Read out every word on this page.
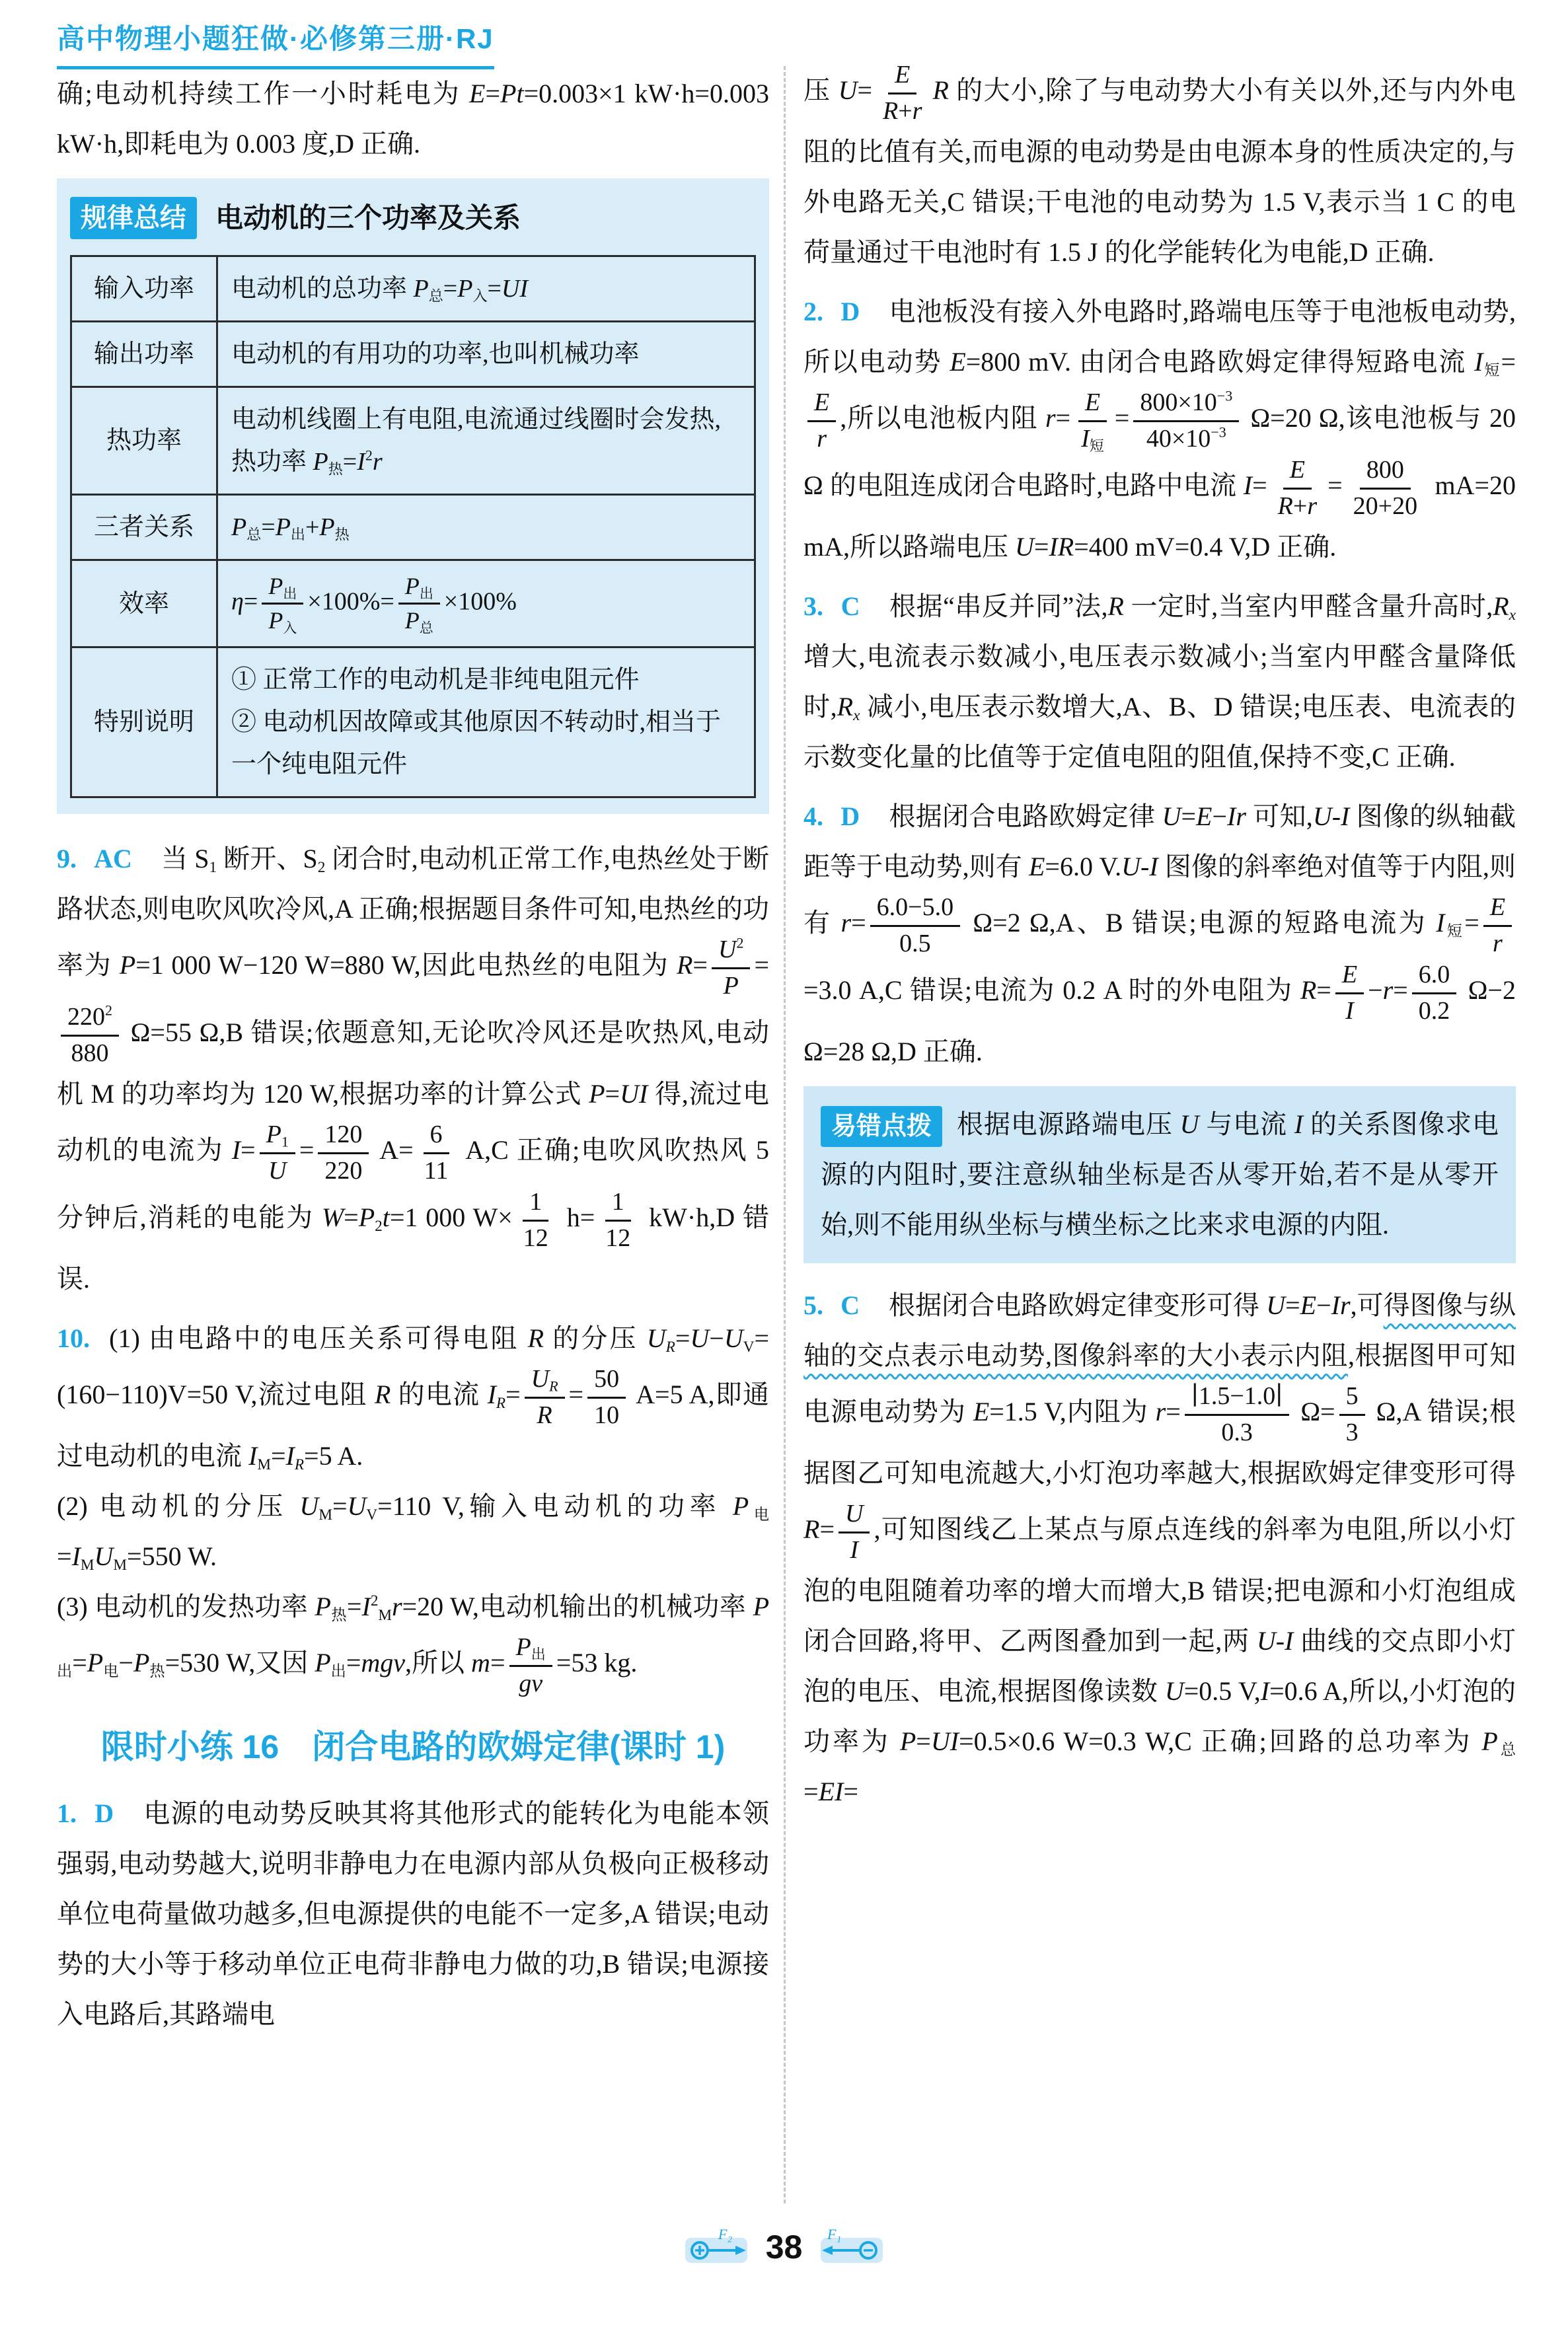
高中物理小题狂做·必修第三册·RJ

确;电动机持续工作一小时耗电为 E=Pt=0.003×1 kW·h=0.003 kW·h,即耗电为 0.003 度,D 正确.

规律总结	电动机的三个功率及关系
输入功率	电动机的总功率 $P_总=P_入=UI$
输出功率	电动机的有用功的功率,也叫机械功率
热功率	电动机线圈上有电阻,电流通过线圈时会发热,热功率 $P_热=I^2r$
三者关系	$P_总=P_出+P_热$
效率	$\eta= \frac{P_出}{P_入} \times 100\%= \frac{P_出}{P_总} \times 100\%$
特别说明	① 正常工作的电动机是非纯电阻元件
② 电动机因故障或其他原因不转动时,相当于一个纯电阻元件

9. AC 当 $S_1$ 断开、$S_2$ 闭合时,电动机正常工作,电热丝处于断路状态,则电吹风吹冷风,A 正确;根据题目条件可知,电热丝的功率为 P=1 000 W−120 W=880 W,因此电热丝的电阻为 $R= \frac{U^2}{P}$ =
$\frac{220^2}{880} \Omega=55$ Ω,B 错误;依题意知,无论吹冷风还是吹热风,电动机 M 的功率均为 120 W,根据功率的计算公式 P=UI 得,流过电动机的电流为 $I= \frac{P_1}{U} = \frac{120}{220} A= \frac{6}{11} A,C$ 正确;电吹风吹热风 5 分钟后,消耗的电能为 $W=P_2t=1$ 000 $W\times \frac{1}{12} h= \frac{1}{12} kW\cdot h,D$ 错误.

10. (1) 由电路中的电压关系可得电阻 R 的分压 $U_R=U-U_V=(160-110)V=50$ V,流过电阻 R 的电流 $I_R= \frac{U_R}{R} = \frac{50}{10} A=5$ A,即通过电动机的电流 $I_M=I_R=5$ A.
(2) 电动机的分压 $U_M=U_V=110$ V,输入电动机的功率 $P_电=I_MU_M=550$ W.
(3) 电动机的发热功率 $P_热=I^2_Mr=20$ W,电动机输出的机械功率 $P_出=P_电-P_热=530$ W,又因 $P_出=mgv$,所以 $m= \frac{P_出}{gv} =53$ kg.

限时小练 16　闭合电路的欧姆定律(课时 1)

1. D 电源的电动势反映其将其他形式的能转化为电能本领强弱,电动势越大,说明非静电力在电源内部从负极向正极移动单位电荷量做功越多,但电源提供的电能不一定多,A 错误;电动势的大小等于移动单位正电荷非静电力做的功,B 错误;电源接入电路后,其路端电

压 $U= \frac{E}{R+r}$ R 的大小,除了与电动势大小有关以外,还与内外电阻的比值有关,而电源的电动势是由电源本身的性质决定的,与外电路无关,C 错误;干电池的电动势为 1.5 V,表示当 1 C 的电荷量通过干电池时有 1.5 J 的化学能转化为电能,D 正确.

2. D 电池板没有接入外电路时,路端电压等于电池板电动势,所以电动势 E=800 mV. 由闭合电路欧姆定律得短路电流 $I_短=$
$\frac{E}{r}$ ,所以电池板内阻 $r= \frac{E}{I_短} = \frac{800\times 10^{-3}}{40\times 10^{-3}} \Omega=20$ Ω,该电池板与 20 Ω 的电阻连成闭合电路时,电路中电流 $I= \frac{E}{R+r} = \frac{800}{20+20} mA=20$ mA,所以路端电压 U=IR=400 mV=0.4 V,D 正确.

3. C 根据“串反并同”法,R 一定时,当室内甲醛含量升高时$,R_x$ 增大,电流表示数减小,电压表示数减小;当室内甲醛含量降低时$,R_x$ 减小,电压表示数增大,A、B、D 错误;电压表、电流表的示数变化量的比值等于定值电阻的阻值,保持不变,C 正确.

4. D 根据闭合电路欧姆定律 U=E−Ir 可知,U-I 图像的纵轴截距等于电动势,则有 E=6.0 V.U-I 图像的斜率绝对值等于内阻,则有 $r= \frac{6.0-5.0}{0.5} \Omega=2$ Ω,A、B 错误;电源的短路电流为 $I_短= \frac{E}{r}$
=3.0 A,C 错误;电流为 0.2 A 时的外电阻为 $R= \frac{E}{I} -r= \frac{6.0}{0.2} \Omega-2$ Ω=28 Ω,D 正确.

易错点拨 根据电源路端电压 U 与电流 I 的关系图像求电源的内阻时,要注意纵轴坐标是否从零开始,若不是从零开始,则不能用纵坐标与横坐标之比来求电源的内阻.

5. C 根据闭合电路欧姆定律变形可得 U=E−Ir,可得图像与纵轴的交点表示电动势,图像斜率的大小表示内阻,根据图甲可知电源电动势为 E=1.5 V,内阻为 $r= \frac{∣1.5-1.0∣}{0.3} \Omega= \frac{5}{3} \Omega,A$ 错误;根据图乙可知电流越大,小灯泡功率越大,根据欧姆定律变形可得 $R= \frac{U}{I}$ ,可知图线乙上某点与原点连线的斜率为电阻,所以小灯泡的电阻随着功率的增大而增大,B 错误;把电源和小灯泡组成闭合回路,将甲、乙两图叠加到一起,两 U-I 曲线的交点即小灯泡的电压、电流,根据图像读数 U=0.5 V,I=0.6 A,所以,小灯泡的功率为 P=UI=0.5×0.6 W=0.3 W,C 正确;回路的总功率为 $P_总=EI=$

F₂ 38 F₁
